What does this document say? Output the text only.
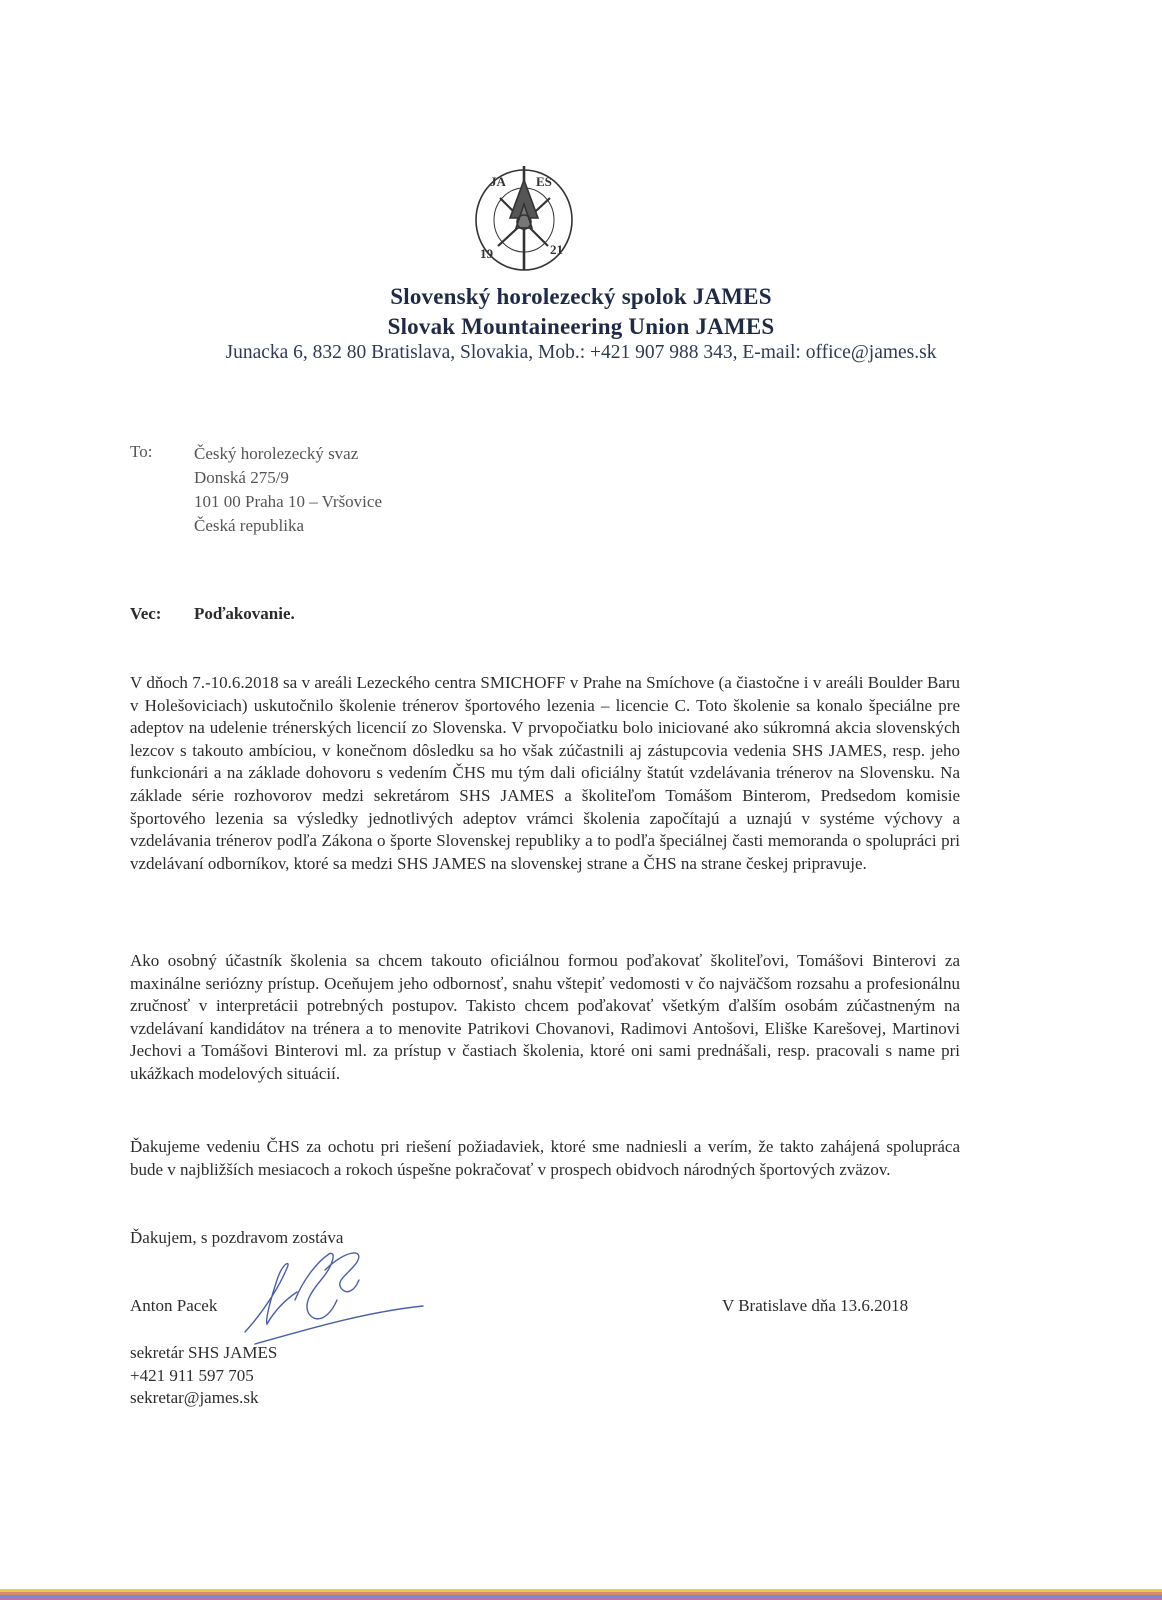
JA ES
19	21
Slovenský horolezecký spolok JAMES
Slovak Mountaineering Union JAMES
Junacka 6, 832 80 Bratislava, Slovakia, Mob.: +421 907 988 343, E-mail: office@james.sk
To: Český horolezecký svaz
Donská 275/9
101 00 Praha 10 – Vršovice
Česká republika
Vec: Poďakovanie.
V dňoch 7.-10.6.2018 sa v areáli Lezeckého centra SMICHOFF v Prahe na Smíchove (a čiastočne i v areáli Boulder Baru v Holešoviciach) uskutočnilo školenie trénerov športového lezenia – licencie C. Toto školenie sa konalo špeciálne pre adeptov na udelenie trénerských licencií zo Slovenska. V prvopočiatku bolo iniciované ako súkromná akcia slovenských lezcov s takouto ambíciou, v konečnom dôsledku sa ho však zúčastnili aj zástupcovia vedenia SHS JAMES, resp. jeho funkcionári a na základe dohovoru s vedením ČHS mu tým dali oficiálny štatút vzdelávania trénerov na Slovensku. Na základe série rozhovorov medzi sekretárom SHS JAMES a školiteľom Tomášom Binterom, Predsedom komisie športového lezenia sa výsledky jednotlivých adeptov vrámci školenia započítajú a uznajú v systéme výchovy a vzdelávania trénerov podľa Zákona o športe Slovenskej republiky a to podľa špeciálnej časti memoranda o spolupráci pri vzdelávaní odborníkov, ktoré sa medzi SHS JAMES na slovenskej strane a ČHS na strane českej pripravuje.
Ako osobný účastník školenia sa chcem takouto oficiálnou formou poďakovať školiteľovi, Tomášovi Binterovi za maxinálne seriózny prístup. Oceňujem jeho odbornosť, snahu vštepiť vedomosti v čo najväčšom rozsahu a profesionálnu zručnosť v interpretácii potrebných postupov. Takisto chcem poďakovať všetkým ďalším osobám zúčastneným na vzdelávaní kandidátov na trénera a to menovite Patrikovi Chovanovi, Radimovi Antošovi, Eliške Karešovej, Martinovi Jechovi a Tomášovi Binterovi ml. za prístup v častiach školenia, ktoré oni sami prednášali, resp. pracovali s name pri ukážkach modelových situácií.
Ďakujeme vedeniu ČHS za ochotu pri riešení požiadaviek, ktoré sme nadniesli a verím, že takto zahájená spolupráca bude v najbližších mesiacoch a rokoch úspešne pokračovať v prospech obidvoch národných športových zväzov.
Ďakujem, s pozdravom zostáva
Anton Pacek
sekretár SHS JAMES
+421 911 597 705
sekretar@james.sk
V Bratislave dňa 13.6.2018
